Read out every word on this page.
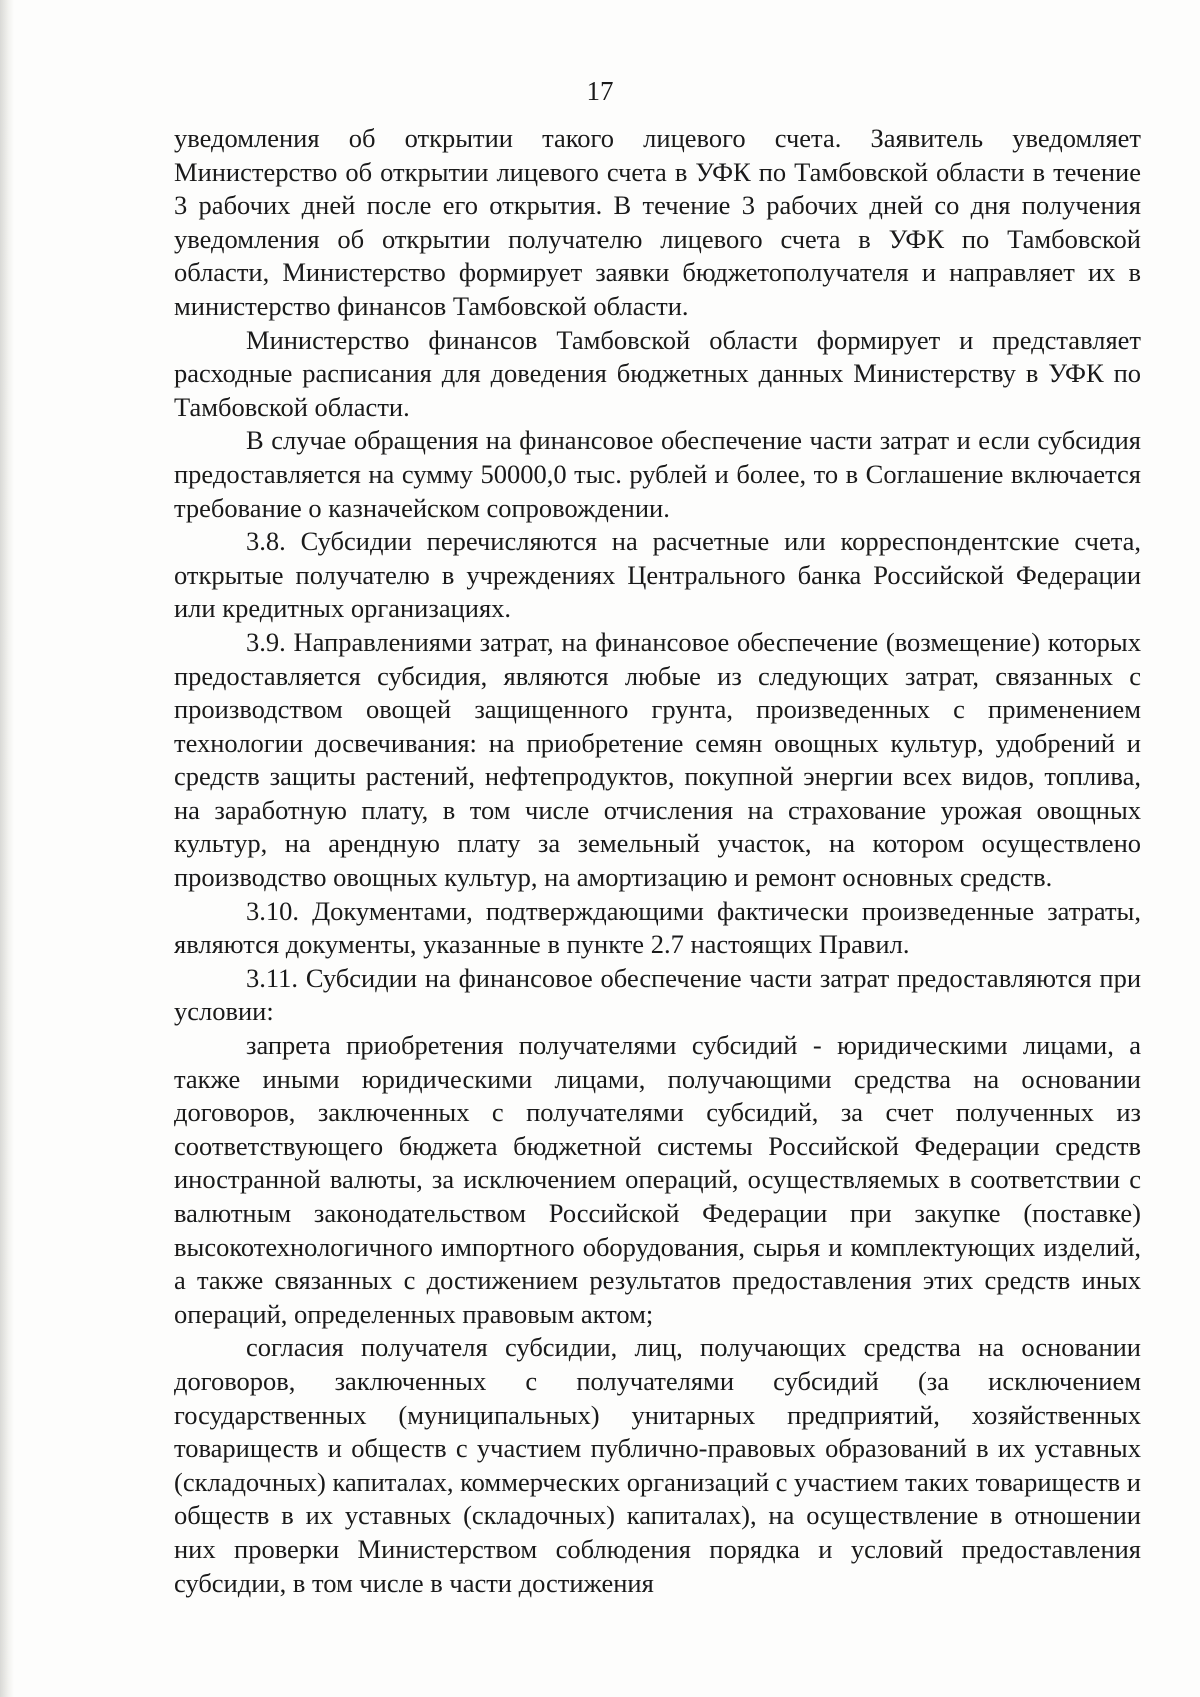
17

уведомления об открытии такого лицевого счета. Заявитель уведомляет Министерство об открытии лицевого счета в УФК по Тамбовской области в течение 3 рабочих дней после его открытия. В течение 3 рабочих дней со дня получения уведомления об открытии получателю лицевого счета в УФК по Тамбовской области, Министерство формирует заявки бюджетополучателя и направляет их в министерство финансов Тамбовской области.

Министерство финансов Тамбовской области формирует и представляет расходные расписания для доведения бюджетных данных Министерству в УФК по Тамбовской области.

В случае обращения на финансовое обеспечение части затрат и если субсидия предоставляется на сумму 50000,0 тыс. рублей и более, то в Соглашение включается требование о казначейском сопровождении.

3.8. Субсидии перечисляются на расчетные или корреспондентские счета, открытые получателю в учреждениях Центрального банка Российской Федерации или кредитных организациях.

3.9. Направлениями затрат, на финансовое обеспечение (возмещение) которых предоставляется субсидия, являются любые из следующих затрат, связанных с производством овощей защищенного грунта, произведенных с применением технологии досвечивания: на приобретение семян овощных культур, удобрений и средств защиты растений, нефтепродуктов, покупной энергии всех видов, топлива, на заработную плату, в том числе отчисления на страхование урожая овощных культур, на арендную плату за земельный участок, на котором осуществлено производство овощных культур, на амортизацию и ремонт основных средств.

3.10. Документами, подтверждающими фактически произведенные затраты, являются документы, указанные в пункте 2.7 настоящих Правил.

3.11. Субсидии на финансовое обеспечение части затрат предоставляются при условии:

запрета приобретения получателями субсидий - юридическими лицами, а также иными юридическими лицами, получающими средства на основании договоров, заключенных с получателями субсидий, за счет полученных из соответствующего бюджета бюджетной системы Российской Федерации средств иностранной валюты, за исключением операций, осуществляемых в соответствии с валютным законодательством Российской Федерации при закупке (поставке) высокотехнологичного импортного оборудования, сырья и комплектующих изделий, а также связанных с достижением результатов предоставления этих средств иных операций, определенных правовым актом;

согласия получателя субсидии, лиц, получающих средства на основании договоров, заключенных с получателями субсидий (за исключением государственных (муниципальных) унитарных предприятий, хозяйственных товариществ и обществ с участием публично-правовых образований в их уставных (складочных) капиталах, коммерческих организаций с участием таких товариществ и обществ в их уставных (складочных) капиталах), на осуществление в отношении них проверки Министерством соблюдения порядка и условий предоставления субсидии, в том числе в части достижения
